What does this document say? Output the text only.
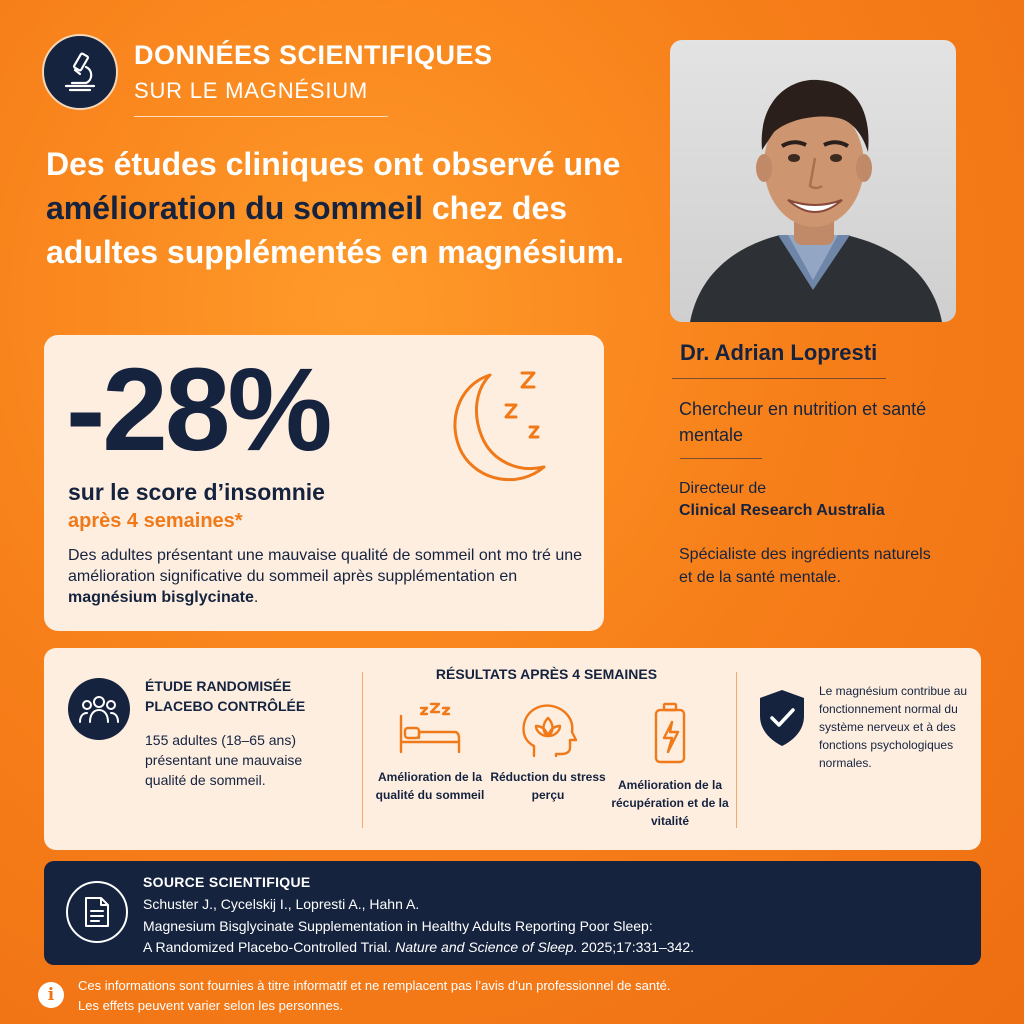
DONNÉES SCIENTIFIQUES
SUR LE MAGNÉSIUM
Des études cliniques ont observé une amélioration du sommeil chez des adultes supplémentés en magnésium.
Dr. Adrian Lopresti
Chercheur en nutrition et santé mentale
Directeur de
Clinical Research Australia
Spécialiste des ingrédients naturels et de la santé mentale.
-28%
sur le score d’insomnie
après 4 semaines*
Des adultes présentant une mauvaise qualité de sommeil ont mo tré une amélioration significative du sommeil après supplémentation en magnésium bisglycinate.
ÉTUDE RANDOMISÉE PLACEBO CONTRÔLÉE
155 adultes (18–65 ans) présentant une mauvaise qualité de sommeil.
RÉSULTATS APRÈS 4 SEMAINES
Amélioration de la qualité du sommeil
Réduction du stress perçu
Amélioration de la récupération et de la vitalité
Le magnésium contribue au fonctionnement normal du système nerveux et à des fonctions psychologiques normales.
SOURCE SCIENTIFIQUE
Schuster J., Cycelskij I., Lopresti A., Hahn A.
Magnesium Bisglycinate Supplementation in Healthy Adults Reporting Poor Sleep:
A Randomized Placebo-Controlled Trial. Nature and Science of Sleep. 2025;17:331–342.
i	Ces informations sont fournies à titre informatif et ne remplacent pas l’avis d’un professionnel de santé.
Les effets peuvent varier selon les personnes.
